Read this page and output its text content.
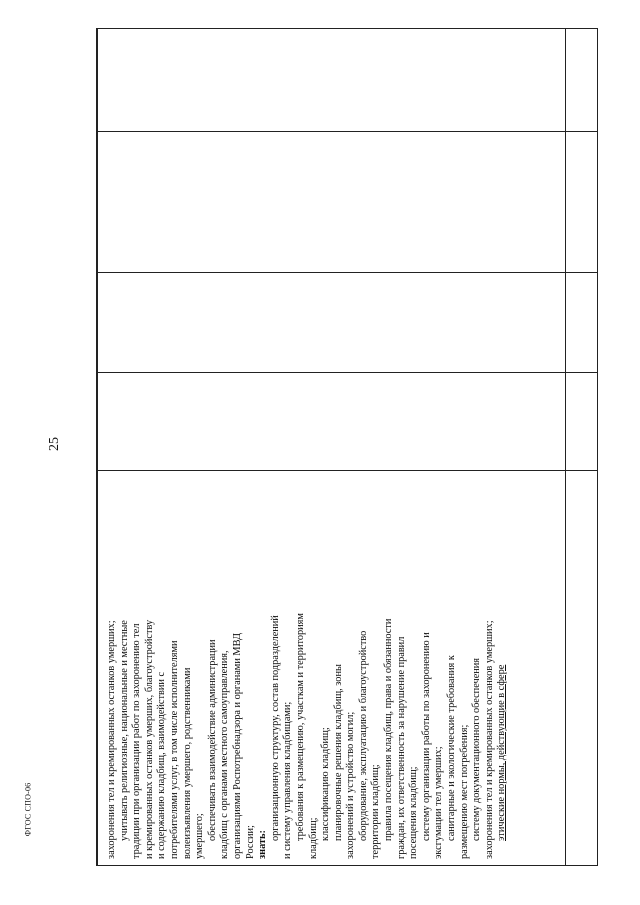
25
ФГОС СПО-06	захоронения тел и кремированных останков умерших; учитывать религиозные, национальные и местные традиции при организации работ по захоронению тел и кремированных останков умерших, благоустройству и содержанию кладбищ, взаимодействии с потребителями услуг, в том числе исполнителями волеизъявления умершего, родственниками умершего; обеспечивать взаимодействие администрации кладбищ с органами местного самоуправления, организациями Роспотребнадзора и органами МВД России; знать:
организационную структуру, состав подразделений и систему управления кладбищами; требования к размещению, участкам и территориям кладбищ; классификацию кладбищ; планировочные решения кладбищ, зоны захоронений и устройство могил; оборудование, эксплуатацию и благоустройство территории кладбищ; правила посещения кладбищ, права и обязанности граждан, их ответственность за нарушение правил посещения кладбищ; систему организации работы по захоронению и эксгумации тел умерших; санитарные и экологические требования к размещению мест погребения; систему документационного обеспечения захоронения тел и кремированных останков умерших; этические нормы, действующие в сфере
